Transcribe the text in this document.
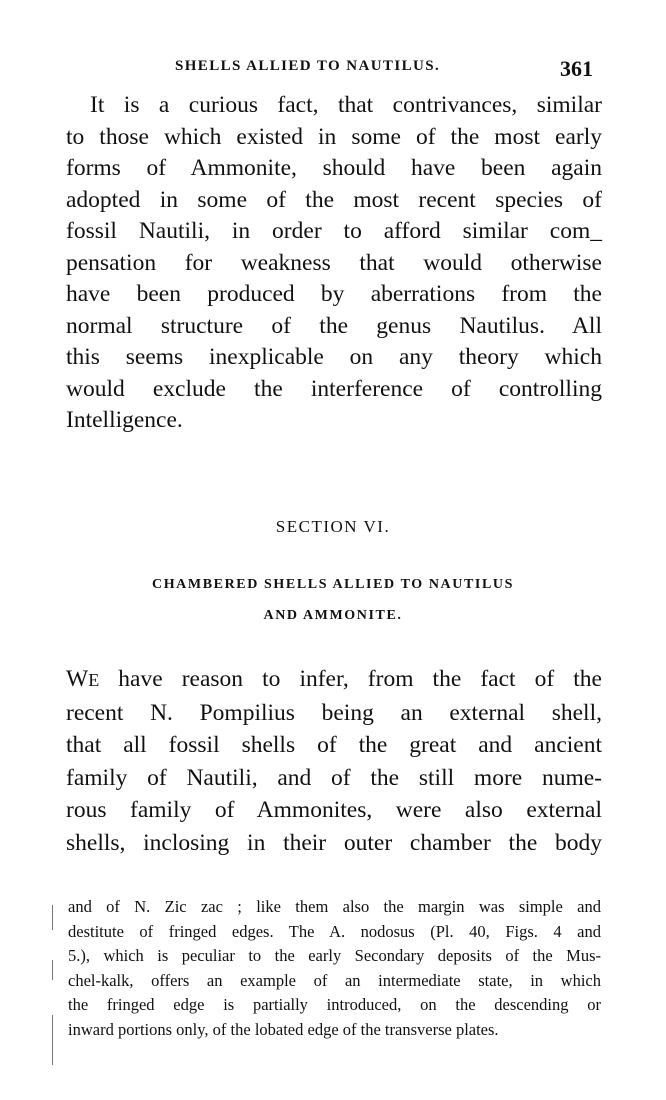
SHELLS ALLIED TO NAUTILUS.	361
It is a curious fact, that contrivances, similar
to those which existed in some of the most early
forms of Ammonite, should have been again
adopted in some of the most recent species of
fossil Nautili, in order to afford similar com_
pensation for weakness that would otherwise
have been produced by aberrations from the
normal structure of the genus Nautilus. All
this seems inexplicable on any theory which
would exclude the interference of controlling
Intelligence.
SECTION VI.
CHAMBERED SHELLS ALLIED TO NAUTILUS
AND AMMONITE.
WE have reason to infer, from the fact of the
recent N. Pompilius being an external shell,
that all fossil shells of the great and ancient
family of Nautili, and of the still more nume-
rous family of Ammonites, were also external
shells, inclosing in their outer chamber the body
and of N. Zic zac ; like them also the margin was simple and
destitute of fringed edges. The A. nodosus (Pl. 40, Figs. 4 and
5.), which is peculiar to the early Secondary deposits of the Mus-
chel-kalk, offers an example of an intermediate state, in which
the fringed edge is partially introduced, on the descending or
inward portions only, of the lobated edge of the transverse plates.
